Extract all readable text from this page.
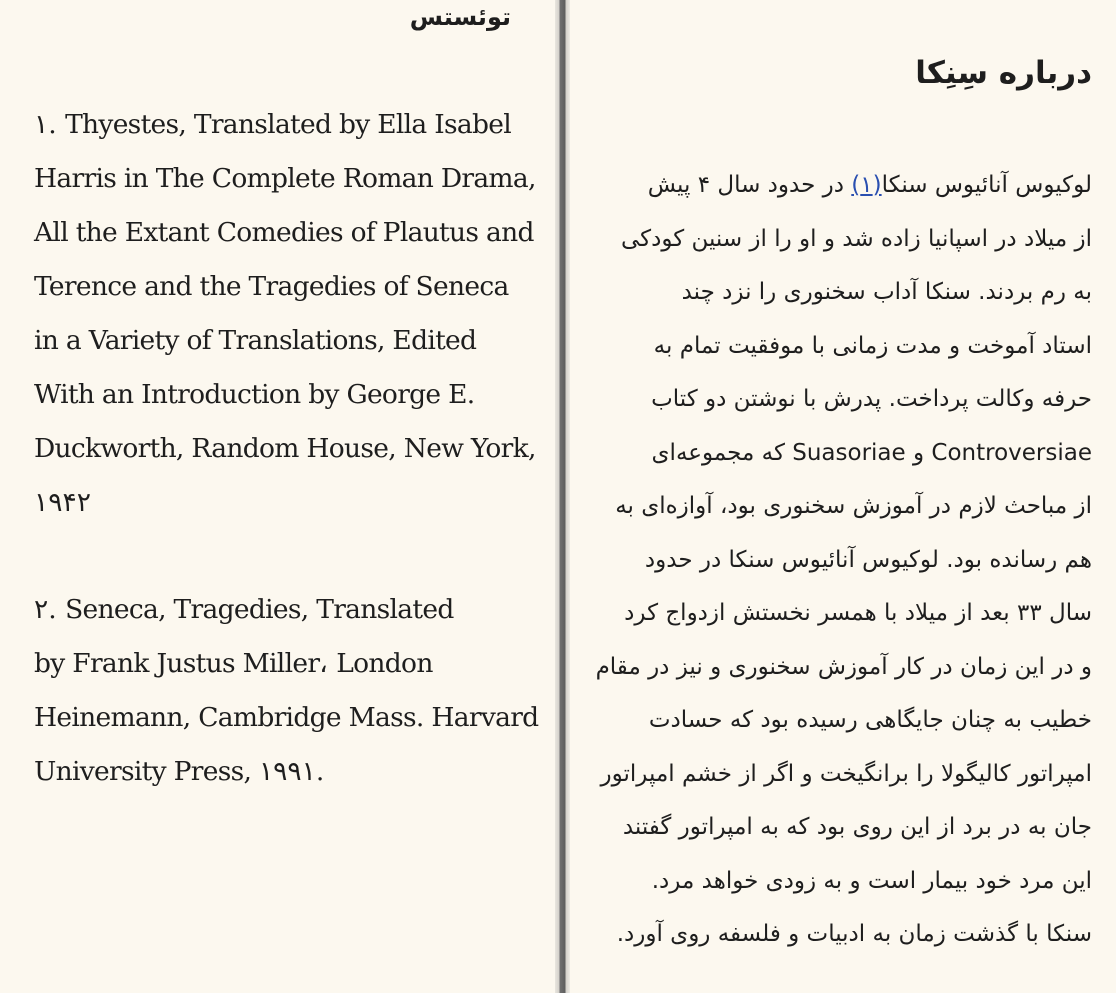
توئستس

١. Thyestes, Translated by Ella Isabel
Harris in The Complete Roman Drama,
All the Extant Comedies of Plautus and
Terence and the Tragedies of Seneca
in a Variety of Translations, Edited
With an Introduction by George E.
Duckworth, Random House, New York,
١٩۴٢

٢. Seneca, Tragedies, Translated
by Frank Justus Miller، London
Heinemann, Cambridge Mass. Harvard
University Press, ١٩٩١.

درباره سِنِکا

لوکیوس آنائیوس سنکا(١) در حدود سال ۴ پیش
از میلاد در اسپانیا زاده شد و او را از سنین کودکی
به رم بردند. سنکا آداب سخنوری را نزد چند
استاد آموخت و مدت زمانی با موفقیت تمام به
حرفه وکالت پرداخت. پدرش با نوشتن دو کتاب
Controversiae و Suasoriae که مجموعه‌ای
از مباحث لازم در آموزش سخنوری بود، آوازه‌ای به
هم رسانده بود. لوکیوس آنائیوس سنکا در حدود
سال ٣٣ بعد از میلاد با همسر نخستش ازدواج کرد
و در این زمان در کار آموزش سخنوری و نیز در مقام
خطیب به چنان جایگاهی رسیده بود که حسادت
امپراتور کالیگولا را برانگیخت و اگر از خشم امپراتور
جان به در برد از این روی بود که به امپراتور گفتند
این مرد خود بیمار است و به زودی خواهد مرد.
سنکا با گذشت زمان به ادبیات و فلسفه روی آورد.
